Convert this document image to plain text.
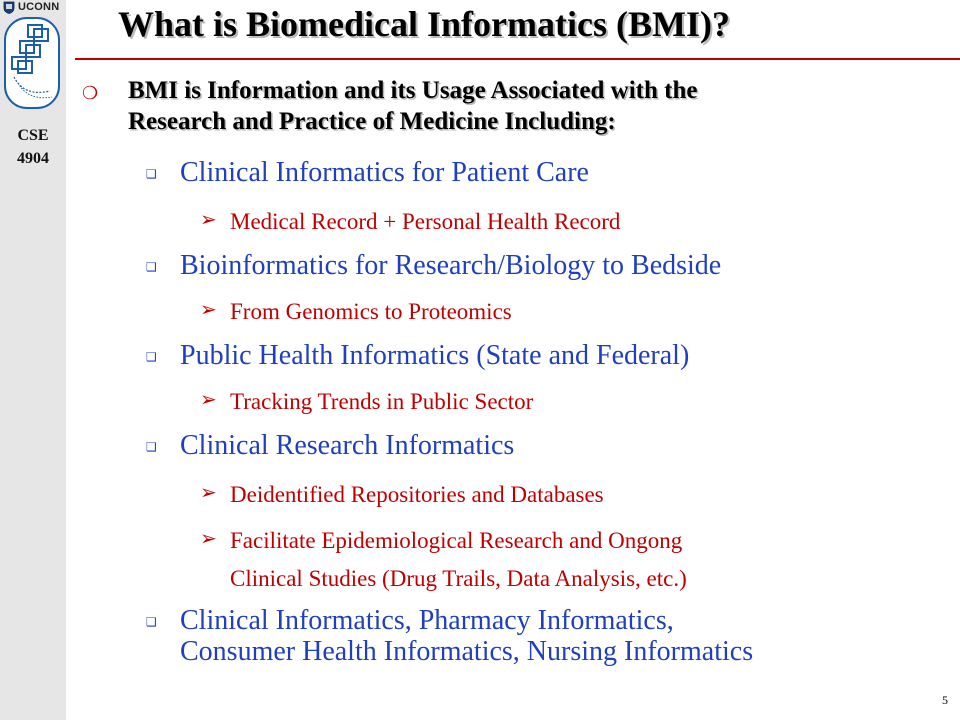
UCONN
CSE
4904
What is Biomedical Informatics (BMI)?
❍ BMI is Information and its Usage Associated with the
Research and Practice of Medicine Including:
❑ Clinical Informatics for Patient Care
➢ Medical Record + Personal Health Record
❑ Bioinformatics for Research/Biology to Bedside
➢ From Genomics to Proteomics
❑ Public Health Informatics (State and Federal)
➢ Tracking Trends in Public Sector
❑ Clinical Research Informatics
➢ Deidentified Repositories and Databases
➢ Facilitate Epidemiological Research and Ongong
Clinical Studies (Drug Trails, Data Analysis, etc.)
❑ Clinical Informatics, Pharmacy Informatics,
Consumer Health Informatics, Nursing Informatics
5
